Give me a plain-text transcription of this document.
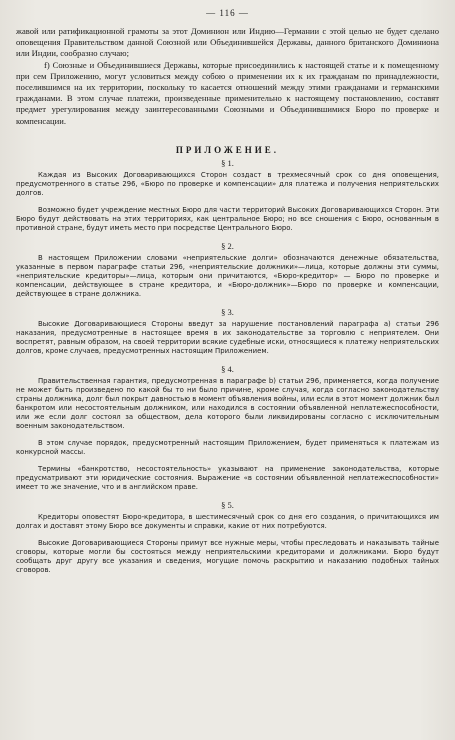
— 116 —

жавой или ратификационной грамоты за этот Доминион или Индию—Германии с этой целью не будет сделано оповещения Правительством данной Союзной или Объединившейся Державы, данного британского Доминиона или Индии, сообразно случаю;

f) Союзные и Объединившиеся Державы, которые присоединились к настоящей статье и к помещенному при сем Приложению, могут условиться между собою о применении их к их гражданам по принадлежности, поселившимся на их территории, поскольку то касается отношений между этими гражданами и германскими гражданами. В этом случае платежи, произведенные применительно к настоящему постановлению, составят предмет урегулирования между заинтересованными Союзными и Объединившимися Бюро по проверке и компенсации.

ПРИЛОЖЕНИЕ.
§ 1.

Каждая из Высоких Договаривающихся Сторон создаст в трехмесячный срок со дня оповещения, предусмотренного в статье 296, «Бюро по проверке и компенсации» для платежа и получения неприятельских долгов.

Возможно будет учреждение местных Бюро для части территорий Высоких Договаривающихся Сторон. Эти Бюро будут действовать на этих территориях, как центральное Бюро; но все сношения с Бюро, основанным в противной стране, будут иметь место при посредстве Центрального Бюро.

§ 2.

В настоящем Приложении словами «неприятельские долги» обозначаются денежные обязательства, указанные в первом параграфе статьи 296, «неприятельские должники»—лица, которые должны эти суммы, «неприятельские кредиторы»—лица, которым они причитаются, «Бюро-кредитор» — Бюро по проверке и компенсации, действующее в стране кредитора, и «Бюро-должник»—Бюро по проверке и компенсации, действующее в стране должника.

§ 3.

Высокие Договаривающиеся Стороны введут за нарушение постановлений параграфа а) статьи 296 наказания, предусмотренные в настоящее время в их законодательстве за торговлю с неприятелем. Они воспретят, равным образом, на своей территории всякие судебные иски, относящиеся к платежу неприятельских долгов, кроме случаев, предусмотренных настоящим Приложением.

§ 4.

Правительственная гарантия, предусмотренная в параграфе b) статьи 296, применяется, когда получение не может быть произведено по какой бы то ни было причине, кроме случая, когда согласно законодательству страны должника, долг был покрыт давностью в момент объявления войны, или если в этот момент должник был банкротом или несостоятельным должником, или находился в состоянии объявленной неплатежеспособности, или же если долг состоял за обществом, дела которого были ликвидированы согласно с исключительным военным законодательством.

В этом случае порядок, предусмотренный настоящим Приложением, будет применяться к платежам из конкурсной массы.

Термины «банкротство, несостоятельность» указывают на применение законодательства, которые предусматривают эти юридические состояния. Выражение «в состоянии объявленной неплатежеспособности» имеет то же значение, что и в английском праве.

§ 5.

Кредиторы оповестят Бюро-кредитора, в шестимесячный срок со дня его создания, о причитающихся им долгах и доставят этому Бюро все документы и справки, какие от них потребуются.

Высокие Договаривающиеся Стороны примут все нужные меры, чтобы преследовать и наказывать тайные сговоры, которые могли бы состояться между неприятельскими кредиторами и должниками. Бюро будут сообщать друг другу все указания и сведения, могущие помочь раскрытию и наказанию подобных тайных сговоров.
